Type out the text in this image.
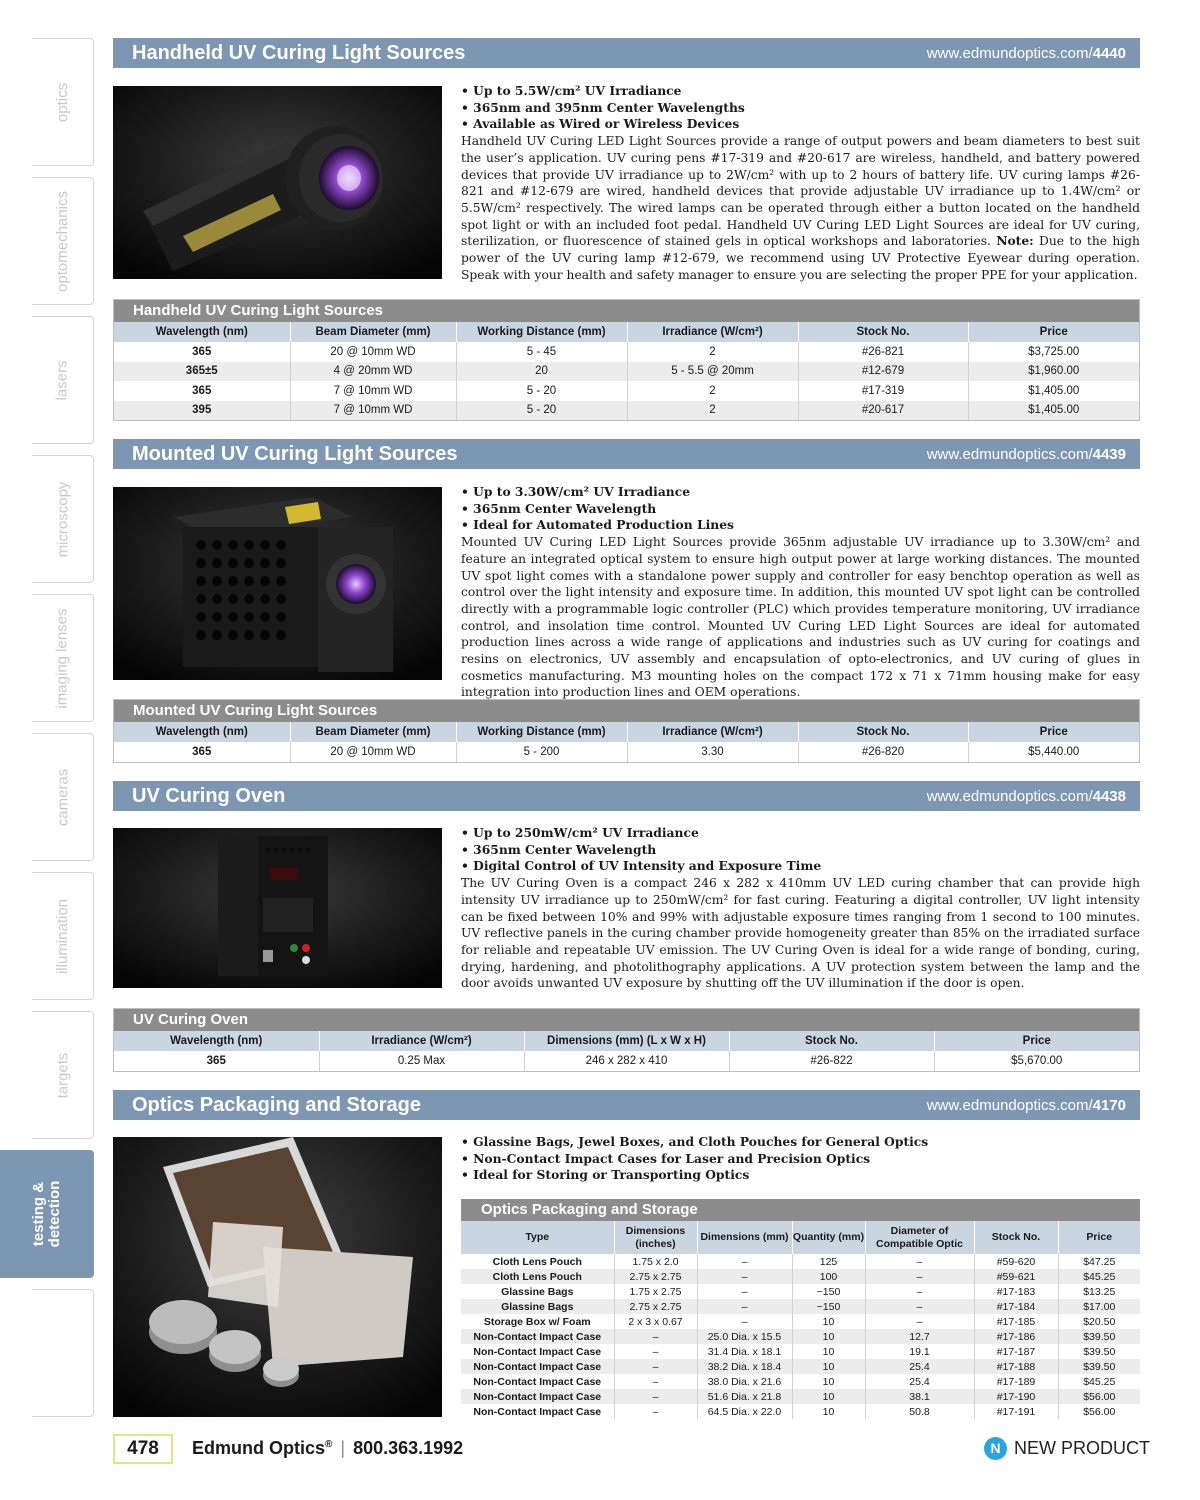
optics
optomechanics
lasers
microscopy
imaging lenses
cameras
illumination
targets
testing & detection
Handheld UV Curing Light Sources	www.edmundoptics.com/4440
• Up to 5.5W/cm² UV Irradiance
• 365nm and 395nm Center Wavelengths
• Available as Wired or Wireless Devices

Handheld UV Curing LED Light Sources provide a range of output powers and beam diameters to best suit the user’s application. UV curing pens #17-319 and #20-617 are wireless, handheld, and battery powered devices that provide UV irradiance up to 2W/cm² with up to 2 hours of battery life. UV curing lamps #26-821 and #12-679 are wired, handheld devices that provide adjustable UV irradiance up to 1.4W/cm² or 5.5W/cm² respectively. The wired lamps can be operated through either a button located on the handheld spot light or with an included foot pedal. Handheld UV Curing LED Light Sources are ideal for UV curing, sterilization, or fluorescence of stained gels in optical workshops and laboratories. Note: Due to the high power of the UV curing lamp #12-679, we recommend using UV Protective Eyewear during operation. Speak with your health and safety manager to ensure you are selecting the proper PPE for your application.

Handheld UV Curing Light Sources
Wavelength (nm)	Beam Diameter (mm)	Working Distance (mm)	Irradiance (W/cm²)	Stock No.	Price
365	20 @ 10mm WD	5 - 45	2	#26-821	$3,725.00
365±5	4 @ 20mm WD	20	5 - 5.5 @ 20mm	#12-679	$1,960.00
365	7 @ 10mm WD	5 - 20	2	#17-319	$1,405.00
395	7 @ 10mm WD	5 - 20	2	#20-617	$1,405.00
Mounted UV Curing Light Sources	www.edmundoptics.com/4439
• Up to 3.30W/cm² UV Irradiance
• 365nm Center Wavelength
• Ideal for Automated Production Lines

Mounted UV Curing LED Light Sources provide 365nm adjustable UV irradiance up to 3.30W/cm² and feature an integrated optical system to ensure high output power at large working distances. The mounted UV spot light comes with a standalone power supply and controller for easy benchtop operation as well as control over the light intensity and exposure time. In addition, this mounted UV spot light can be controlled directly with a programmable logic controller (PLC) which provides temperature monitoring, UV irradiance control, and insolation time control. Mounted UV Curing LED Light Sources are ideal for automated production lines across a wide range of applications and industries such as UV curing for coatings and resins on electronics, UV assembly and encapsulation of opto-electronics, and UV curing of glues in cosmetics manufacturing. M3 mounting holes on the compact 172 x 71 x 71mm housing make for easy integration into production lines and OEM operations.

Mounted UV Curing Light Sources
Wavelength (nm)	Beam Diameter (mm)	Working Distance (mm)	Irradiance (W/cm²)	Stock No.	Price
365	20 @ 10mm WD	5 - 200	3.30	#26-820	$5,440.00
UV Curing Oven	www.edmundoptics.com/4438
• Up to 250mW/cm² UV Irradiance
• 365nm Center Wavelength
• Digital Control of UV Intensity and Exposure Time

The UV Curing Oven is a compact 246 x 282 x 410mm UV LED curing chamber that can provide high intensity UV irradiance up to 250mW/cm² for fast curing. Featuring a digital controller, UV light intensity can be fixed between 10% and 99% with adjustable exposure times ranging from 1 second to 100 minutes. UV reflective panels in the curing chamber provide homogeneity greater than 85% on the irradiated surface for reliable and repeatable UV emission. The UV Curing Oven is ideal for a wide range of bonding, curing, drying, hardening, and photolithography applications. A UV protection system between the lamp and the door avoids unwanted UV exposure by shutting off the UV illumination if the door is open.

UV Curing Oven
Wavelength (nm)	Irradiance (W/cm²)	Dimensions (mm) (L x W x H)	Stock No.	Price
365	0.25 Max	246 x 282 x 410	#26-822	$5,670.00
Optics Packaging and Storage	www.edmundoptics.com/4170
• Glassine Bags, Jewel Boxes, and Cloth Pouches for General Optics
• Non-Contact Impact Cases for Laser and Precision Optics
• Ideal for Storing or Transporting Optics
Optics Packaging and Storage
Type	Dimensions (inches)	Dimensions (mm)	Quantity (mm)	Diameter of Compatible Optic	Stock No.	Price
Cloth Lens Pouch	1.75 x 2.0	–	125	–	#59-620	$47.25
Cloth Lens Pouch	2.75 x 2.75	–	100	–	#59-621	$45.25
Glassine Bags	1.75 x 2.75	–	~150	–	#17-183	$13.25
Glassine Bags	2.75 x 2.75	–	~150	–	#17-184	$17.00
Storage Box w/ Foam	2 x 3 x 0.67	–	10	–	#17-185	$20.50
Non-Contact Impact Case	–	25.0 Dia. x 15.5	10	12.7	#17-186	$39.50
Non-Contact Impact Case	–	31.4 Dia. x 18.1	10	19.1	#17-187	$39.50
Non-Contact Impact Case	–	38.2 Dia. x 18.4	10	25.4	#17-188	$39.50
Non-Contact Impact Case	–	38.0 Dia. x 21.6	10	25.4	#17-189	$45.25
Non-Contact Impact Case	–	51.6 Dia. x 21.8	10	38.1	#17-190	$56.00
Non-Contact Impact Case	–	64.5 Dia. x 22.0	10	50.8	#17-191	$56.00
478	Edmund Optics® | 800.363.1992	N NEW PRODUCT
